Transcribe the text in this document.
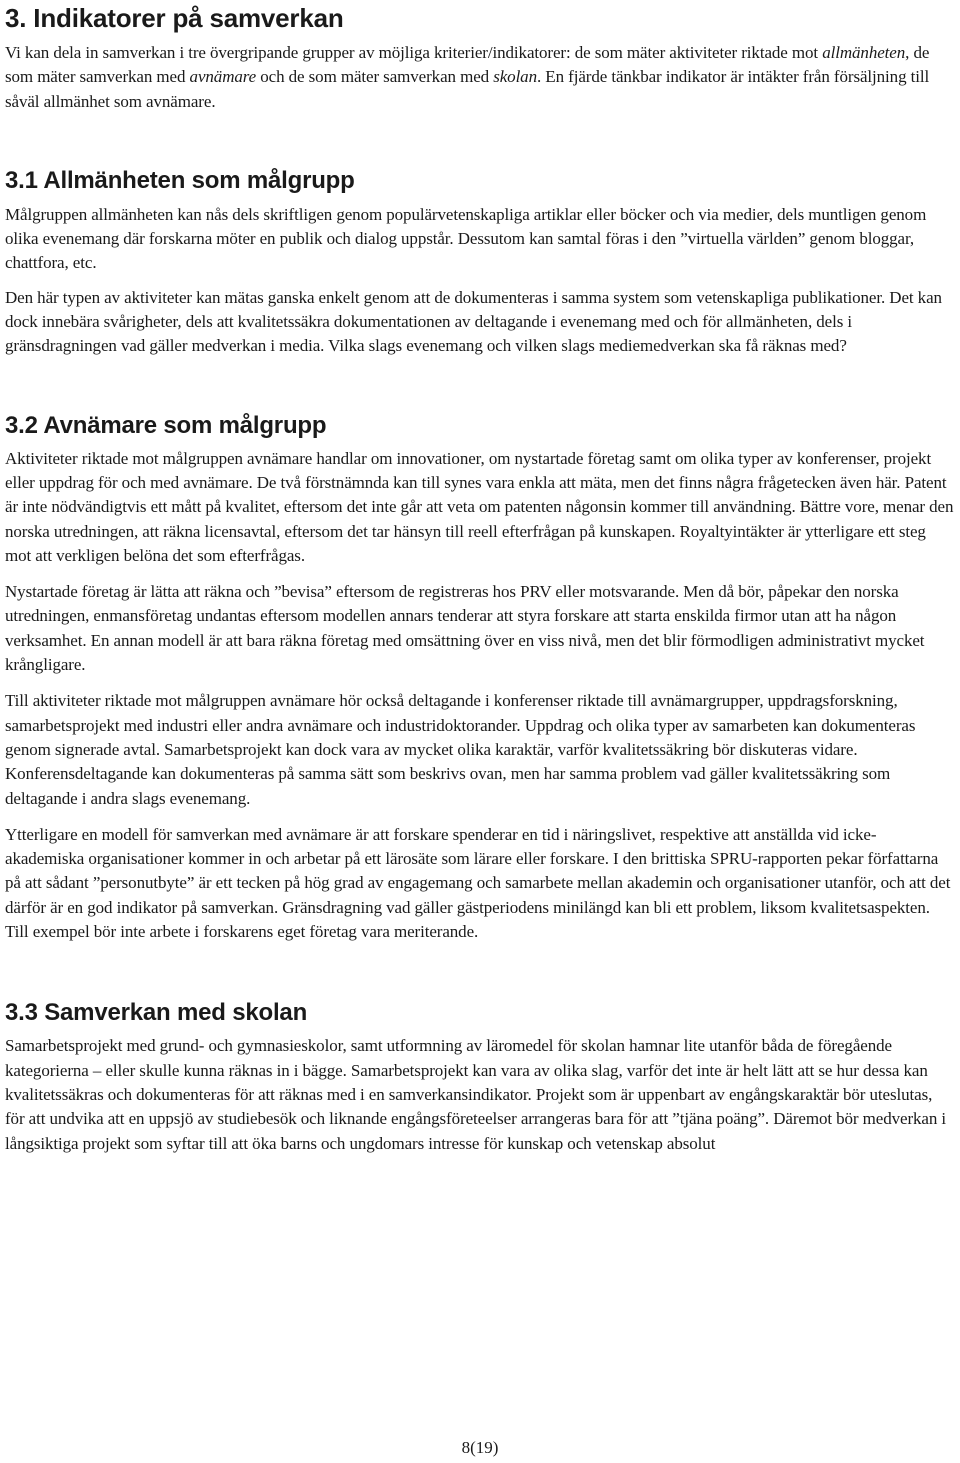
3. Indikatorer på samverkan

Vi kan dela in samverkan i tre övergripande grupper av möjliga kriterier/indikatorer: de som mäter aktiviteter riktade mot allmänheten, de som mäter samverkan med avnämare och de som mäter samverkan med skolan. En fjärde tänkbar indikator är intäkter från försäljning till såväl allmänhet som avnämare.

3.1 Allmänheten som målgrupp

Målgruppen allmänheten kan nås dels skriftligen genom populärvetenskapliga artiklar eller böcker och via medier, dels muntligen genom olika evenemang där forskarna möter en publik och dialog uppstår. Dessutom kan samtal föras i den ”virtuella världen” genom bloggar, chattfora, etc.

Den här typen av aktiviteter kan mätas ganska enkelt genom att de dokumenteras i samma system som vetenskapliga publikationer. Det kan dock innebära svårigheter, dels att kvalitetssäkra dokumentationen av deltagande i evenemang med och för allmänheten, dels i gränsdragningen vad gäller medverkan i media. Vilka slags evenemang och vilken slags mediemedverkan ska få räknas med?

3.2 Avnämare som målgrupp

Aktiviteter riktade mot målgruppen avnämare handlar om innovationer, om nystartade företag samt om olika typer av konferenser, projekt eller uppdrag för och med avnämare. De två förstnämnda kan till synes vara enkla att mäta, men det finns några frågetecken även här. Patent är inte nödvändigtvis ett mått på kvalitet, eftersom det inte går att veta om patenten någonsin kommer till användning. Bättre vore, menar den norska utredningen, att räkna licensavtal, eftersom det tar hänsyn till reell efterfrågan på kunskapen. Royaltyintäkter är ytterligare ett steg mot att verkligen belöna det som efterfrågas.

Nystartade företag är lätta att räkna och ”bevisa” eftersom de registreras hos PRV eller motsvarande. Men då bör, påpekar den norska utredningen, enmansföretag undantas eftersom modellen annars tenderar att styra forskare att starta enskilda firmor utan att ha någon verksamhet. En annan modell är att bara räkna företag med omsättning över en viss nivå, men det blir förmodligen administrativt mycket krångligare.

Till aktiviteter riktade mot målgruppen avnämare hör också deltagande i konferenser riktade till avnämargrupper, uppdragsforskning, samarbetsprojekt med industri eller andra avnämare och industridoktorander. Uppdrag och olika typer av samarbeten kan dokumenteras genom signerade avtal. Samarbetsprojekt kan dock vara av mycket olika karaktär, varför kvalitetssäkring bör diskuteras vidare. Konferensdeltagande kan dokumenteras på samma sätt som beskrivs ovan, men har samma problem vad gäller kvalitetssäkring som deltagande i andra slags evenemang.

Ytterligare en modell för samverkan med avnämare är att forskare spenderar en tid i näringslivet, respektive att anställda vid icke-akademiska organisationer kommer in och arbetar på ett lärosäte som lärare eller forskare. I den brittiska SPRU-rapporten pekar författarna på att sådant ”personutbyte” är ett tecken på hög grad av engagemang och samarbete mellan akademin och organisationer utanför, och att det därför är en god indikator på samverkan. Gränsdragning vad gäller gästperiodens minilängd kan bli ett problem, liksom kvalitetsaspekten. Till exempel bör inte arbete i forskarens eget företag vara meriterande.

3.3 Samverkan med skolan

Samarbetsprojekt med grund- och gymnasieskolor, samt utformning av läromedel för skolan hamnar lite utanför båda de föregående kategorierna – eller skulle kunna räknas in i bägge. Samarbetsprojekt kan vara av olika slag, varför det inte är helt lätt att se hur dessa kan kvalitetssäkras och dokumenteras för att räknas med i en samverkansindikator. Projekt som är uppenbart av engångskaraktär bör uteslutas, för att undvika att en uppsjö av studiebesök och liknande engångsföreteelser arrangeras bara för att ”tjäna poäng”. Däremot bör medverkan i långsiktiga projekt som syftar till att öka barns och ungdomars intresse för kunskap och vetenskap absolut

8(19)
